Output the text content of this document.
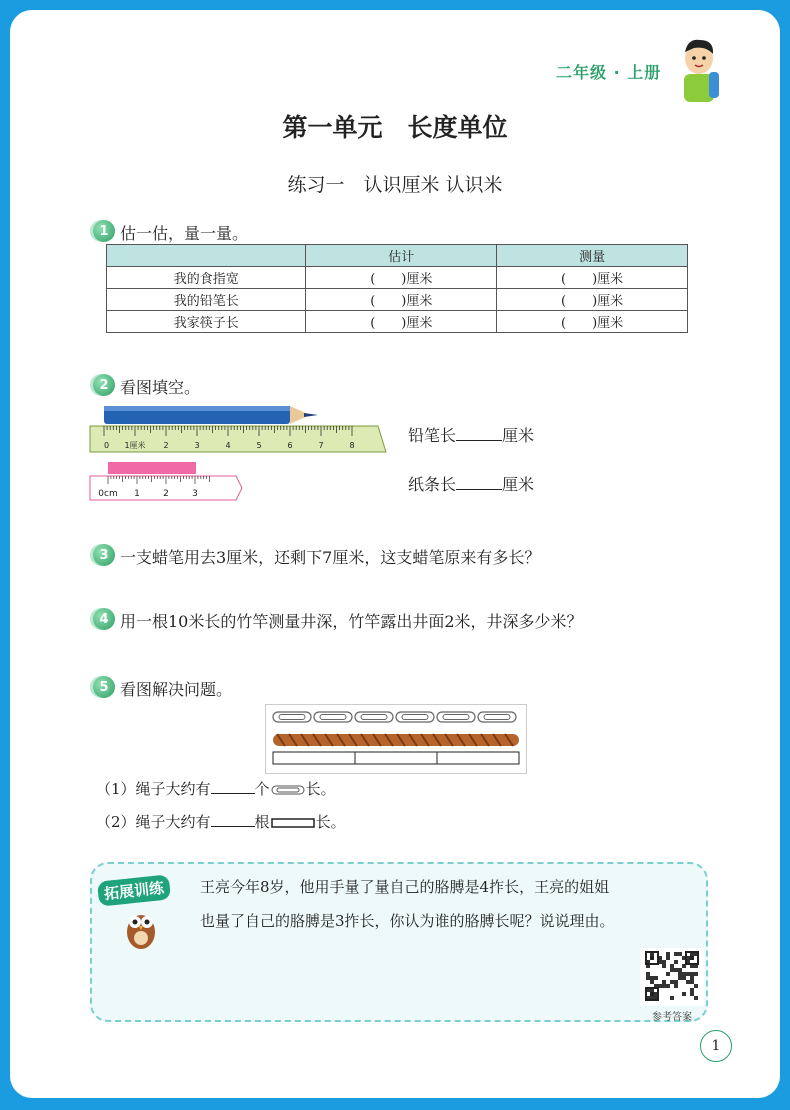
二年级 · 上册
第一单元　长度单位
练习一　认识厘米 认识米
1 估一估，量一量。
	估计	测量
我的食指宽	(　　)厘米	(　　)厘米
我的铅笔长	(　　)厘米	(　　)厘米
我家筷子长	(　　)厘米	(　　)厘米
2 看图填空。
0 1厘米 2	3	4	5	6	7	8
0cm 1	2	3
铅笔长	厘米
纸条长	厘米
3 一支蜡笔用去3厘米，还剩下7厘米，这支蜡笔原来有多长？
4 用一根10米长的竹竿测量井深，竹竿露出井面2米，井深多少米？
5 看图解决问题。
（1）绳子大约有	个 长。
（2）绳子大约有	根	长。
拓展训练	王亮今年8岁，他用手量了量自己的胳膊是4拃长，王亮的姐姐
也量了自己的胳膊是3拃长，你认为谁的胳膊长呢？说说理由。
参考答案
1
